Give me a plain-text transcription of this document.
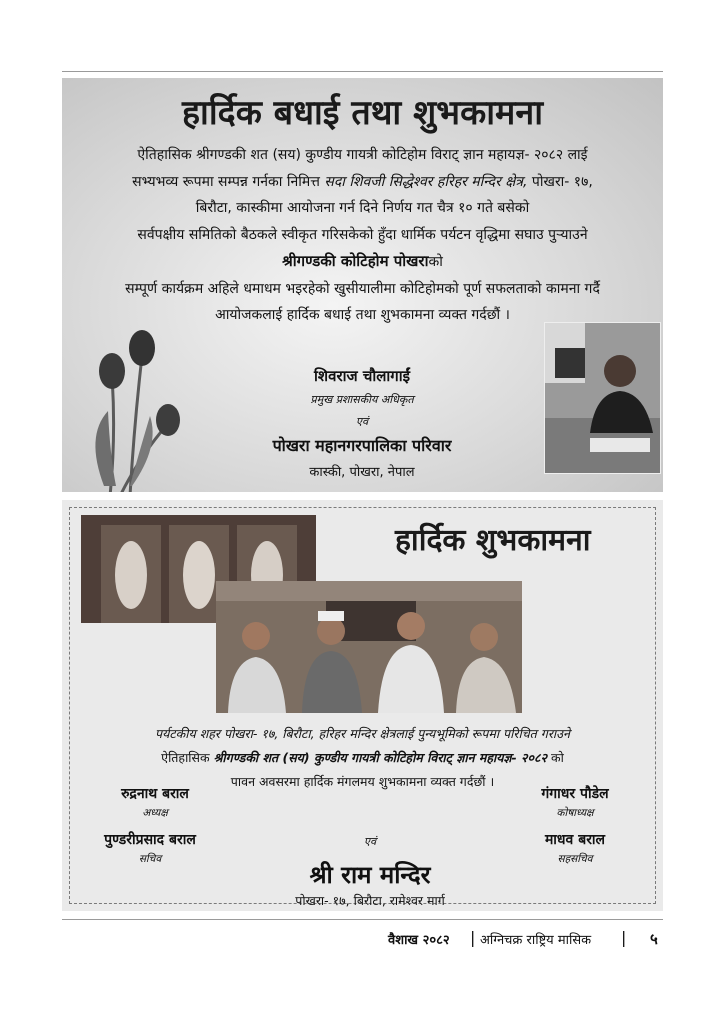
हार्दिक बधाई तथा शुभकामना
ऐतिहासिक श्रीगण्डकी शत (सय) कुण्डीय गायत्री कोटिहोम विराट् ज्ञान महायज्ञ- २०८२ लाई
सभ्यभव्य रूपमा सम्पन्न गर्नका निमित्त सदा शिवजी सिद्धेश्वर हरिहर मन्दिर क्षेत्र, पोखरा- १७,
बिरौटा, कास्कीमा आयोजना गर्न दिने निर्णय गत चैत्र १० गते बसेको
सर्वपक्षीय समितिको बैठकले स्वीकृत गरिसकेको हुँदा धार्मिक पर्यटन वृद्धिमा सघाउ पुऱ्याउने
श्रीगण्डकी कोटिहोम पोखराको
सम्पूर्ण कार्यक्रम अहिले धमाधम भइरहेको खुसीयालीमा कोटिहोमको पूर्ण सफलताको कामना गर्दै
आयोजकलाई हार्दिक बधाई तथा शुभकामना व्यक्त गर्दछौं ।
शिवराज चौलागाईं
प्रमुख प्रशासकीय अधिकृत
एवं
पोखरा महानगरपालिका परिवार
कास्की, पोखरा, नेपाल
हार्दिक शुभकामना
पर्यटकीय शहर पोखरा- १७, बिरौटा, हरिहर मन्दिर क्षेत्रलाई पुन्यभूमिको रूपमा परिचित गराउने
ऐतिहासिक श्रीगण्डकी शत (सय) कुण्डीय गायत्री कोटिहोम विराट् ज्ञान महायज्ञ- २०८२ को
पावन अवसरमा हार्दिक मंगलमय शुभकामना व्यक्त गर्दछौं ।
रुद्रनाथ बराल
अध्यक्ष
गंगाधर पौडेल
कोषाध्यक्ष
पुण्डरीप्रसाद बराल
सचिव
माधव बराल
सहसचिव
एवं
श्री राम मन्दिर
पोखरा- १७, बिरौटा, रामेश्वर मार्ग
वैशाख २०८२ | अग्निचक्र राष्ट्रिय मासिक | ५
